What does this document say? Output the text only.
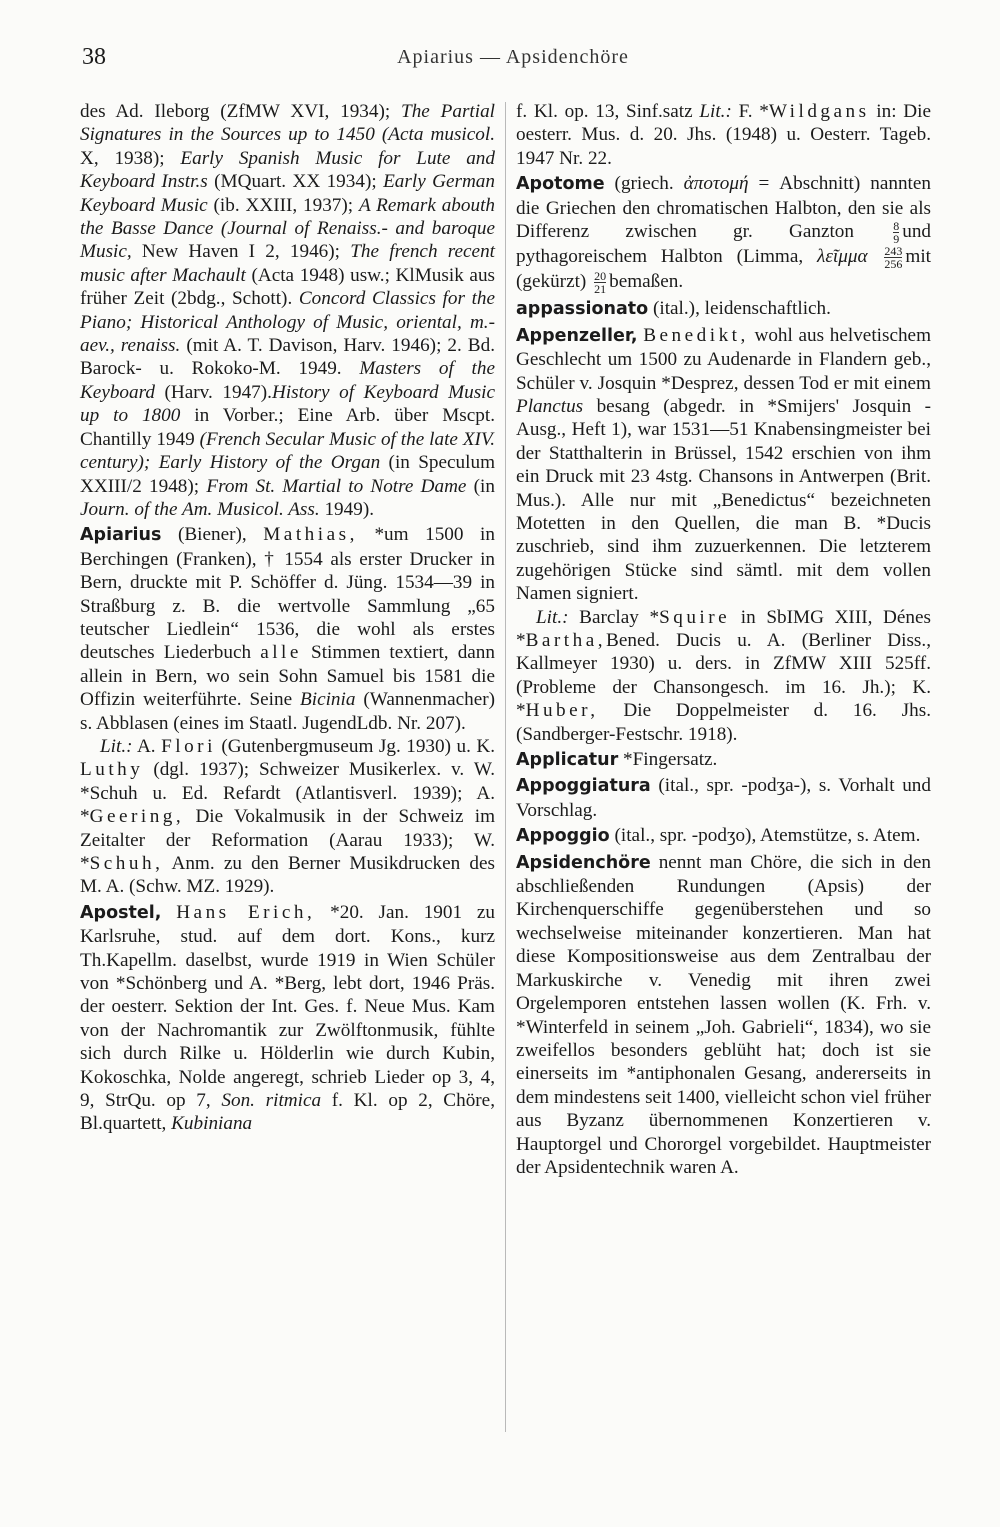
38	Apiarius — Apsidenchöre

des Ad. Ileborg (ZfMW XVI, 1934); The Partial Signatures in the Sources up to 1450 (Acta musicol. X, 1938); Early Spanish Music for Lute and Keyboard Instr.s (MQuart. XX 1934); Early German Keyboard Music (ib. XXIII, 1937); A Remark abouth the Basse Dance (Journal of Renaiss.- and baroque Music, New Haven I 2, 1946); The french recent music after Machault (Acta 1948) usw.; KlMusik aus früher Zeit (2bdg., Schott). Concord Classics for the Piano; Historical Anthology of Music, oriental, m.-aev., renaiss. (mit A. T. Davison, Harv. 1946); 2. Bd. Barock- u. Rokoko-M. 1949. Masters of the Keyboard (Harv. 1947).History of Keyboard Music up to 1800 in Vorber.; Eine Arb. über Mscpt. Chantilly 1949 (French Secular Music of the late XIV. century); Early History of the Organ (in Speculum XXIII/2 1948); From St. Martial to Notre Dame (in Journ. of the Am. Musicol. Ass. 1949).

Apiarius (Biener), Mathias, *um 1500 in Berchingen (Franken), † 1554 als erster Drucker in Bern, druckte mit P. Schöffer d. Jüng. 1534—39 in Straßburg z. B. die wertvolle Sammlung „65 teutscher Liedlein“ 1536, die wohl als erstes deutsches Liederbuch alle Stimmen textiert, dann allein in Bern, wo sein Sohn Samuel bis 1581 die Offizin weiterführte. Seine Bicinia (Wannenmacher) s. Abblasen (eines im Staatl. JugendLdb. Nr. 207).

Lit.: A. Flori (Gutenbergmuseum Jg. 1930) u. K. Luthy (dgl. 1937); Schweizer Musikerlex. v. W. *Schuh u. Ed. Refardt (Atlantisverl. 1939); A. *Geering, Die Vokalmusik in der Schweiz im Zeitalter der Reformation (Aarau 1933); W. *Schuh, Anm. zu den Berner Musikdrucken des M. A. (Schw. MZ. 1929).

Apostel, Hans Erich, *20. Jan. 1901 zu Karlsruhe, stud. auf dem dort. Kons., kurz Th.Kapellm. daselbst, wurde 1919 in Wien Schüler von *Schönberg und A. *Berg, lebt dort, 1946 Präs. der oesterr. Sektion der Int. Ges. f. Neue Mus. Kam von der Nachromantik zur Zwölftonmusik, fühlte sich durch Rilke u. Hölderlin wie durch Kubin, Kokoschka, Nolde angeregt, schrieb Lieder op 3, 4, 9, StrQu. op 7, Son. ritmica f. Kl. op 2, Chöre, Bl.quartett, Kubiniana

f. Kl. op. 13, Sinf.satz Lit.: F. *Wildgans in: Die oesterr. Mus. d. 20. Jhs. (1948) u. Oesterr. Tageb. 1947 Nr. 22.

Apotome (griech. ἀποτομή = Abschnitt) nannten die Griechen den chromatischen Halbton, den sie als Differenz zwischen gr. Ganzton $\frac{8}{9}$ und pythagoreischem Halbton (Limma, λεῖμμα $\frac{243}{256}$ mit (gekürzt) $\frac{20}{21}$ bemaßen.

appassionato (ital.), leidenschaftlich.

Appenzeller, Benedikt, wohl aus helvetischem Geschlecht um 1500 zu Audenarde in Flandern geb., Schüler v. Josquin *Desprez, dessen Tod er mit einem Planctus besang (abgedr. in *Smijers' Josquin - Ausg., Heft 1), war 1531—51 Knabensingmeister bei der Statthalterin in Brüssel, 1542 erschien von ihm ein Druck mit 23 4stg. Chansons in Antwerpen (Brit. Mus.). Alle nur mit „Benedictus“ bezeichneten Motetten in den Quellen, die man B. *Ducis zuschrieb, sind ihm zuzuerkennen. Die letzterem zugehörigen Stücke sind sämtl. mit dem vollen Namen signiert.

Lit.: Barclay *Squire in SbIMG XIII, Dénes *Bartha,Bened. Ducis u. A. (Berliner Diss., Kallmeyer 1930) u. ders. in ZfMW XIII 525ff. (Probleme der Chansongesch. im 16. Jh.); K. *Huber, Die Doppelmeister d. 16. Jhs. (Sandberger-Festschr. 1918).

Applicatur *Fingersatz.

Appoggiatura (ital., spr. -podʒa-), s. Vorhalt und Vorschlag.

Appoggio (ital., spr. -podʒo), Atemstütze, s. Atem.

Apsidenchöre nennt man Chöre, die sich in den abschließenden Rundungen (Apsis) der Kirchenquerschiffe gegenüberstehen und so wechselweise miteinander konzertieren. Man hat diese Kompositionsweise aus dem Zentralbau der Markuskirche v. Venedig mit ihren zwei Orgelemporen entstehen lassen wollen (K. Frh. v. *Winterfeld in seinem „Joh. Gabrieli“, 1834), wo sie zweifellos besonders geblüht hat; doch ist sie einerseits im *antiphonalen Gesang, andererseits in dem mindestens seit 1400, vielleicht schon viel früher aus Byzanz übernommenen Konzertieren v. Hauptorgel und Chororgel vorgebildet. Hauptmeister der Apsidentechnik waren A.
